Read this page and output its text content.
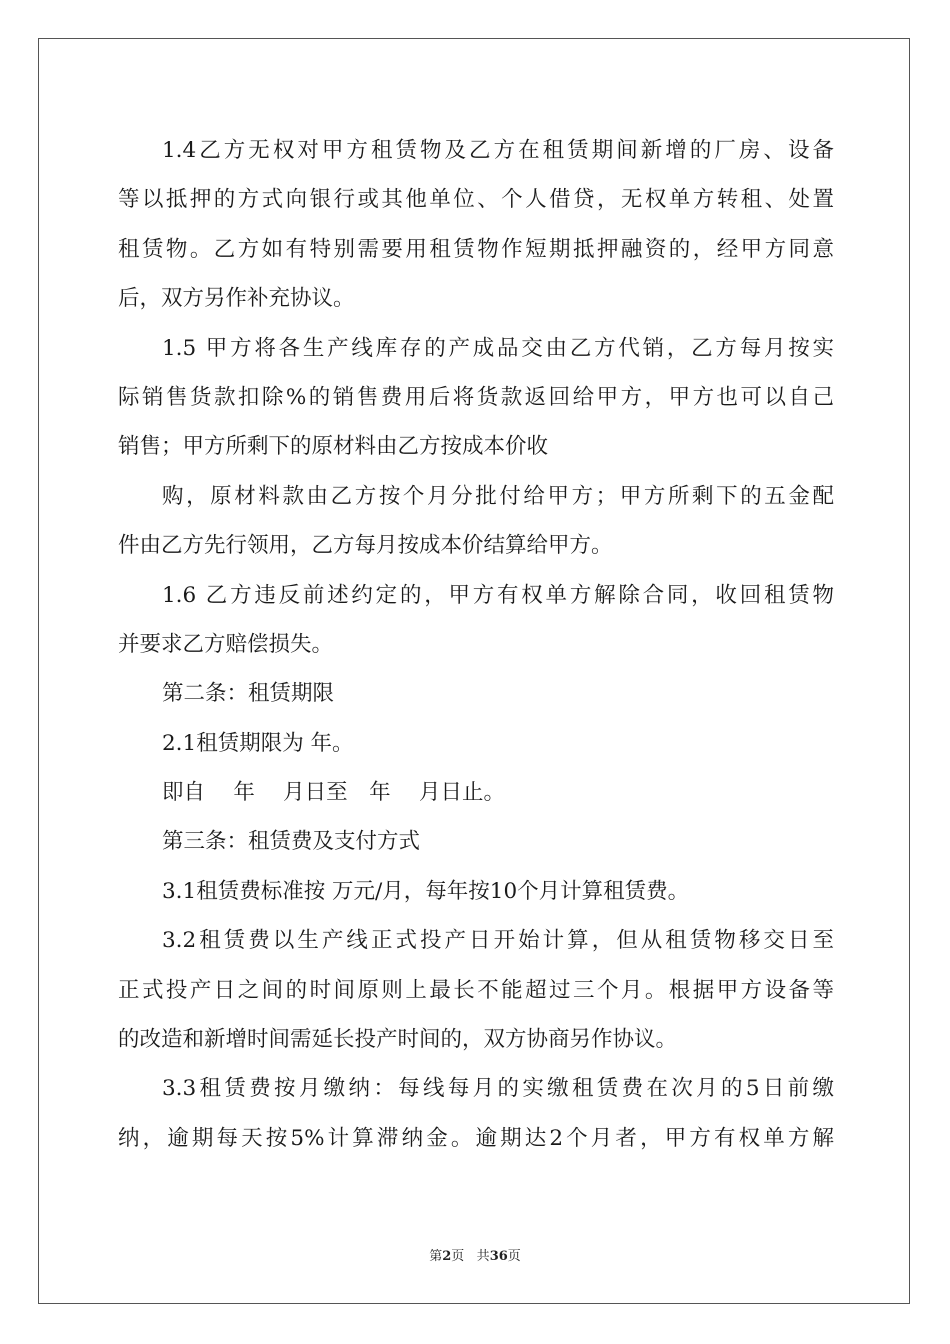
1.4乙方无权对甲方租赁物及乙方在租赁期间新增的厂房、设备
等以抵押的方式向银行或其他单位、个人借贷，无权单方转租、处置
租赁物。乙方如有特别需要用租赁物作短期抵押融资的，经甲方同意
后，双方另作补充协议。
1.5 甲方将各生产线库存的产成品交由乙方代销，乙方每月按实
际销售货款扣除%的销售费用后将货款返回给甲方，甲方也可以自己
销售；甲方所剩下的原材料由乙方按成本价收
购，原材料款由乙方按个月分批付给甲方；甲方所剩下的五金配
件由乙方先行领用，乙方每月按成本价结算给甲方。
1.6 乙方违反前述约定的，甲方有权单方解除合同，收回租赁物
并要求乙方赔偿损失。
第二条：租赁期限
2.1租赁期限为 年。
即自　 年　 月日至　年　 月日止。
第三条：租赁费及支付方式
3.1租赁费标准按 万元/月，每年按10个月计算租赁费。
3.2租赁费以生产线正式投产日开始计算，但从租赁物移交日至
正式投产日之间的时间原则上最长不能超过三个月。根据甲方设备等
的改造和新增时间需延长投产时间的，双方协商另作协议。
3.3租赁费按月缴纳：每线每月的实缴租赁费在次月的5日前缴
纳，逾期每天按5%计算滞纳金。逾期达2个月者，甲方有权单方解
第2页 共36页
